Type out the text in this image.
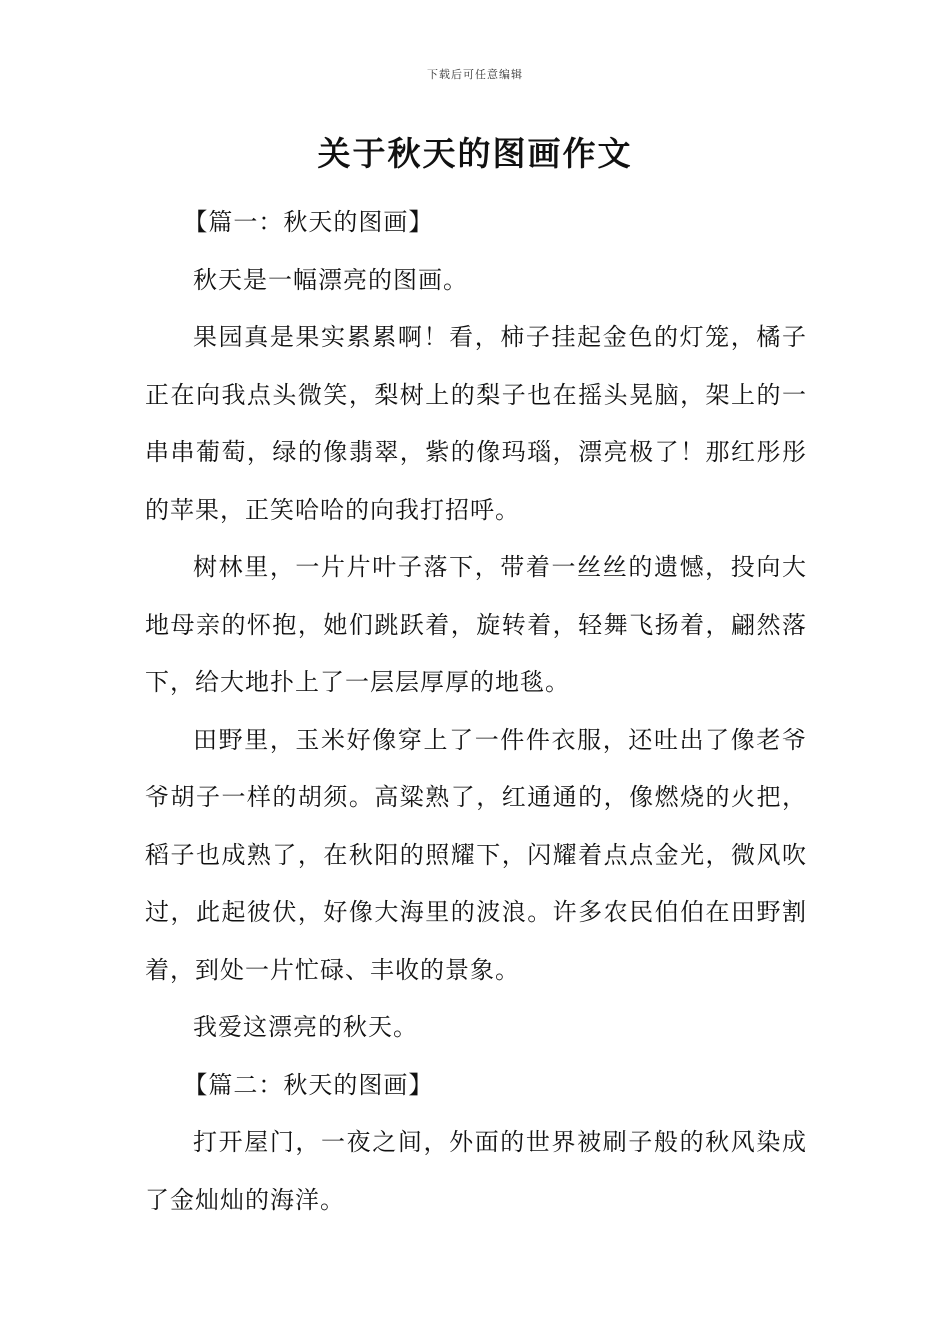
下载后可任意编辑
关于秋天的图画作文

【篇一：秋天的图画】

秋天是一幅漂亮的图画。

果园真是果实累累啊！看，柿子挂起金色的灯笼，橘子正在向我点头微笑，梨树上的梨子也在摇头晃脑，架上的一串串葡萄，绿的像翡翠，紫的像玛瑙，漂亮极了！那红彤彤的苹果，正笑哈哈的向我打招呼。

树林里，一片片叶子落下，带着一丝丝的遗憾，投向大地母亲的怀抱，她们跳跃着，旋转着，轻舞飞扬着，翩然落下，给大地扑上了一层层厚厚的地毯。

田野里，玉米好像穿上了一件件衣服，还吐出了像老爷爷胡子一样的胡须。高粱熟了，红通通的，像燃烧的火把，稻子也成熟了，在秋阳的照耀下，闪耀着点点金光，微风吹过，此起彼伏，好像大海里的波浪。许多农民伯伯在田野割着，到处一片忙碌、丰收的景象。

我爱这漂亮的秋天。

【篇二：秋天的图画】

打开屋门，一夜之间，外面的世界被刷子般的秋风染成了金灿灿的海洋。
